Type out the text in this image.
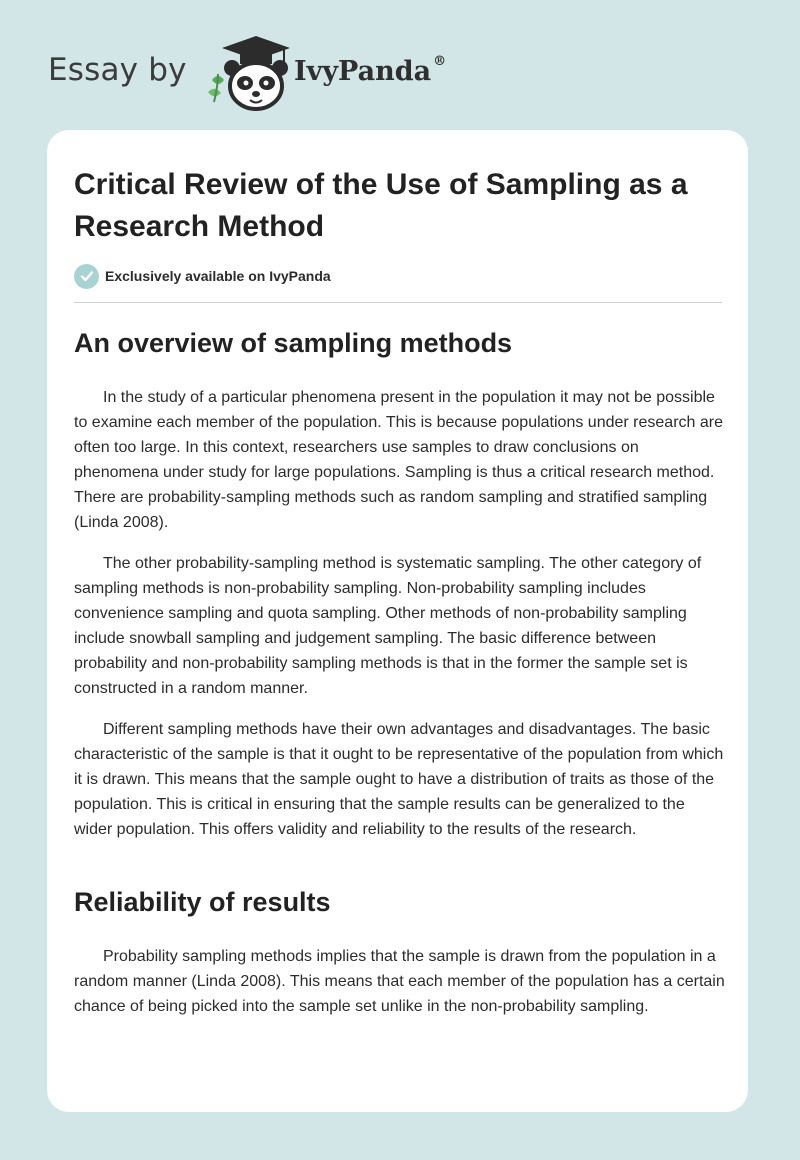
Essay by	IvyPanda ®
Critical Review of the Use of Sampling as a Research Method
Exclusively available on IvyPanda
An overview of sampling methods

In the study of a particular phenomena present in the population it may not be possible to examine each member of the population. This is because populations under research are often too large. In this context, researchers use samples to draw conclusions on phenomena under study for large populations. Sampling is thus a critical research method. There are probability-sampling methods such as random sampling and stratified sampling (Linda 2008).

The other probability-sampling method is systematic sampling. The other category of sampling methods is non-probability sampling. Non-probability sampling includes convenience sampling and quota sampling. Other methods of non-probability sampling include snowball sampling and judgement sampling. The basic difference between probability and non-probability sampling methods is that in the former the sample set is constructed in a random manner.

Different sampling methods have their own advantages and disadvantages. The basic characteristic of the sample is that it ought to be representative of the population from which it is drawn. This means that the sample ought to have a distribution of traits as those of the population. This is critical in ensuring that the sample results can be generalized to the wider population. This offers validity and reliability to the results of the research.

Reliability of results

Probability sampling methods implies that the sample is drawn from the population in a random manner (Linda 2008). This means that each member of the population has a certain chance of being picked into the sample set unlike in the non-probability sampling.
